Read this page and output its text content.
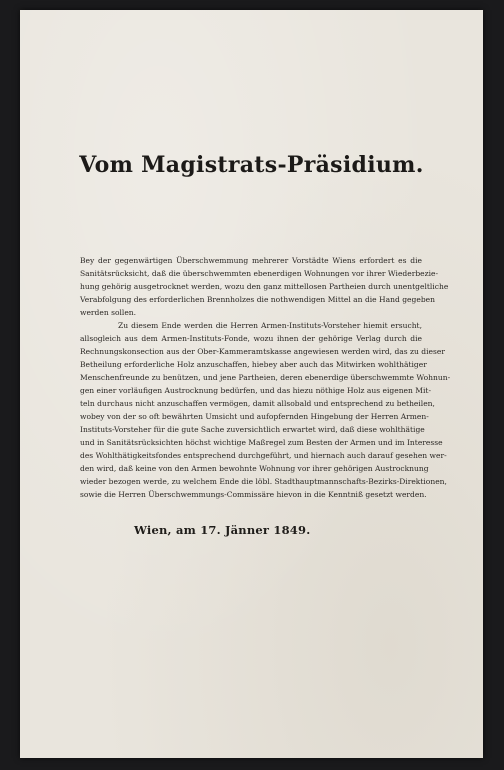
Vom Magistrats-Präsidium.
Bey der gegenwärtigen Überschwemmung mehrerer Vorstädte Wiens erfordert es die
Sanitätsrücksicht, daß die überschwemmten ebenerdigen Wohnungen vor ihrer Wiederbezie-
hung gehörig ausgetrocknet werden, wozu den ganz mittellosen Partheien durch unentgeltliche
Verabfolgung des erforderlichen Brennholzes die nothwendigen Mittel an die Hand gegeben
werden sollen.
Zu diesem Ende werden die Herren Armen-Instituts-Vorsteher hiemit ersucht,
allsogleich aus dem Armen-Instituts-Fonde, wozu ihnen der gehörige Verlag durch die
Rechnungskonsection aus der Ober-Kammeramtskasse angewiesen werden wird, das zu dieser
Betheilung erforderliche Holz anzuschaffen, hiebey aber auch das Mitwirken wohlthätiger
Menschenfreunde zu benützen, und jene Partheien, deren ebenerdige überschwemmte Wohnun-
gen einer vorläufigen Austrocknung bedürfen, und das hiezu nöthige Holz aus eigenen Mit-
teln durchaus nicht anzuschaffen vermögen, damit allsobald und entsprechend zu betheilen,
wobey von der so oft bewährten Umsicht und aufopfernden Hingebung der Herren Armen-
Instituts-Vorsteher für die gute Sache zuversichtlich erwartet wird, daß diese wohlthätige
und in Sanitätsrücksichten höchst wichtige Maßregel zum Besten der Armen und im Interesse
des Wohlthätigkeitsfondes entsprechend durchgeführt, und hiernach auch darauf gesehen wer-
den wird, daß keine von den Armen bewohnte Wohnung vor ihrer gehörigen Austrocknung
wieder bezogen werde, zu welchem Ende die löbl. Stadthauptmannschafts-Bezirks-Direktionen,
sowie die Herren Überschwemmungs-Commissäre hievon in die Kenntniß gesetzt werden.
Wien, am 17. Jänner 1849.
